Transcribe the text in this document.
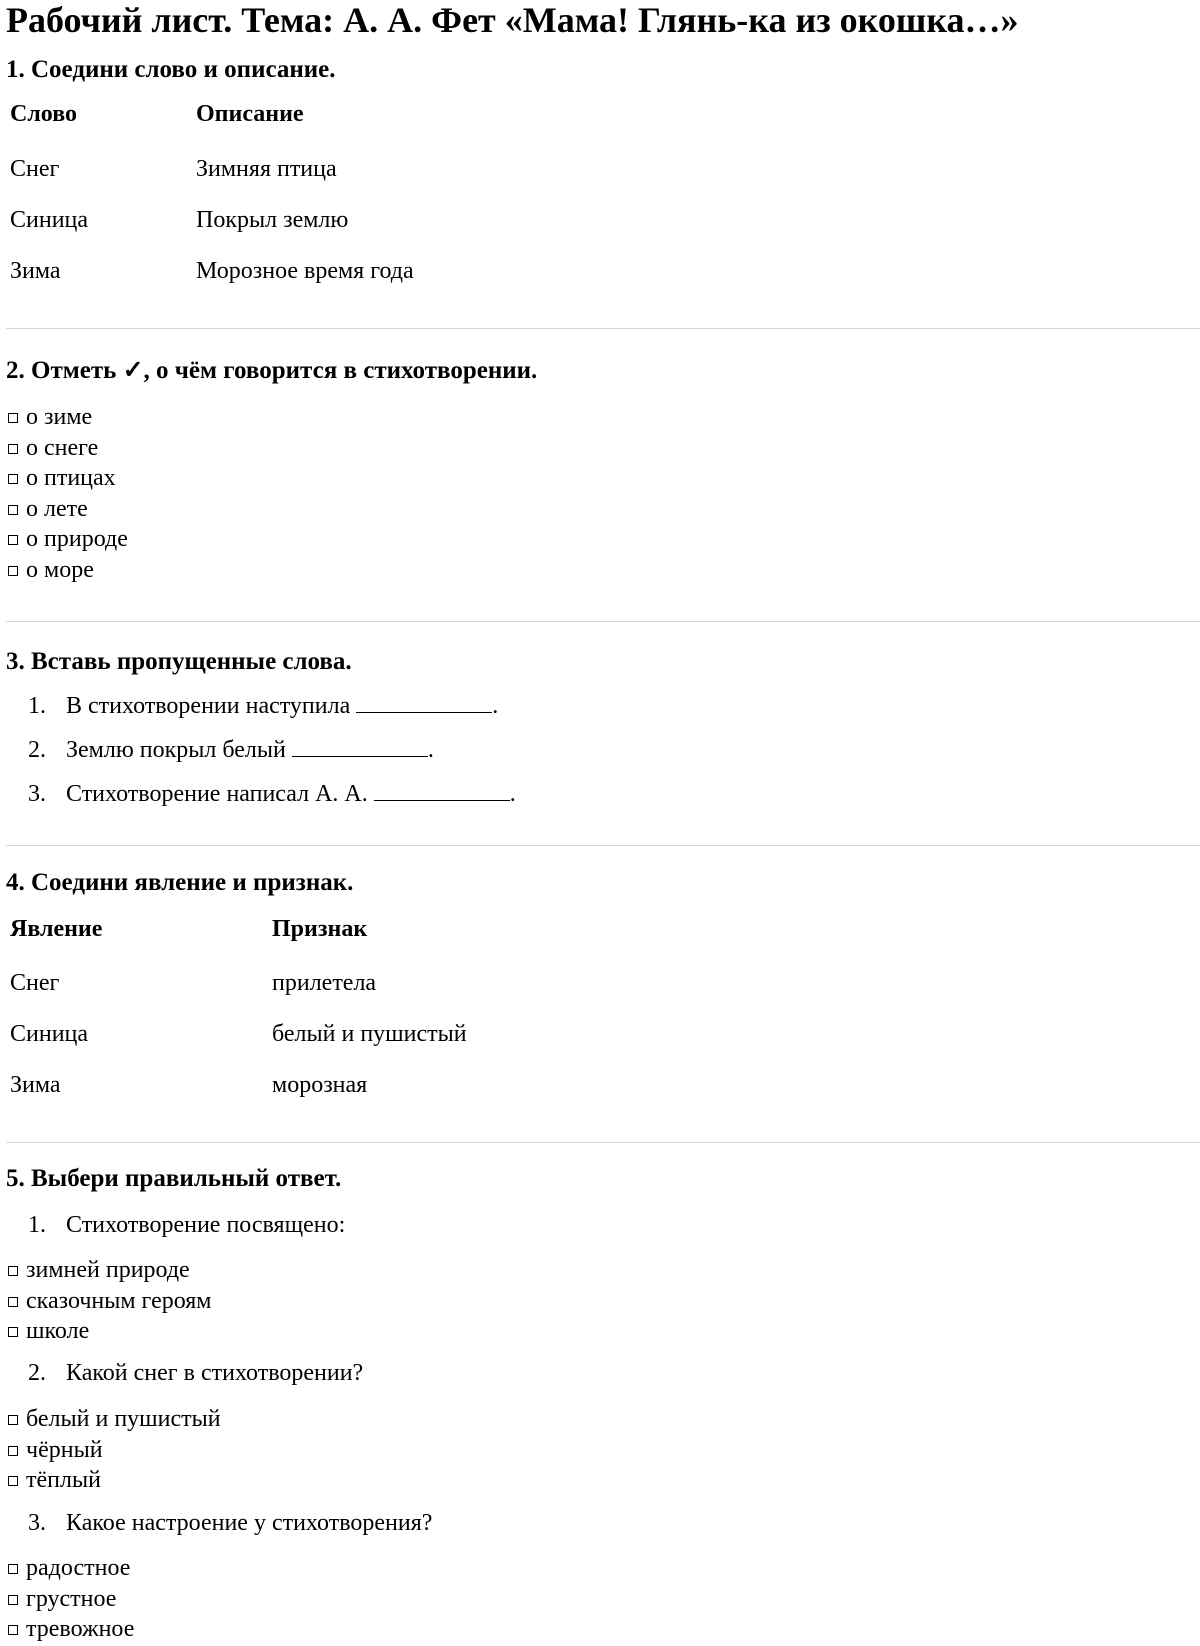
Рабочий лист. Тема: А. А. Фет «Мама! Глянь-ка из окошка…»
1. Соедини слово и описание.
Слово	Описание
Снег	Зимняя птица
Синица	Покрыл землю
Зима	Морозное время года
2. Отметь ✓, о чём говорится в стихотворении.
о зиме
о снеге
о птицах
о лете
о природе
о море
3. Вставь пропущенные слова.
1. В стихотворении наступила	.
2. Землю покрыл белый	.
3. Стихотворение написал А. А.	.
4. Соедини явление и признак.
Явление	Признак
Снег	прилетела
Синица	белый и пушистый
Зима	морозная
5. Выбери правильный ответ.
1. Стихотворение посвящено:
зимней природе
сказочным героям
школе
2. Какой снег в стихотворении?
белый и пушистый
чёрный
тёплый
3. Какое настроение у стихотворения?
радостное
грустное
тревожное
